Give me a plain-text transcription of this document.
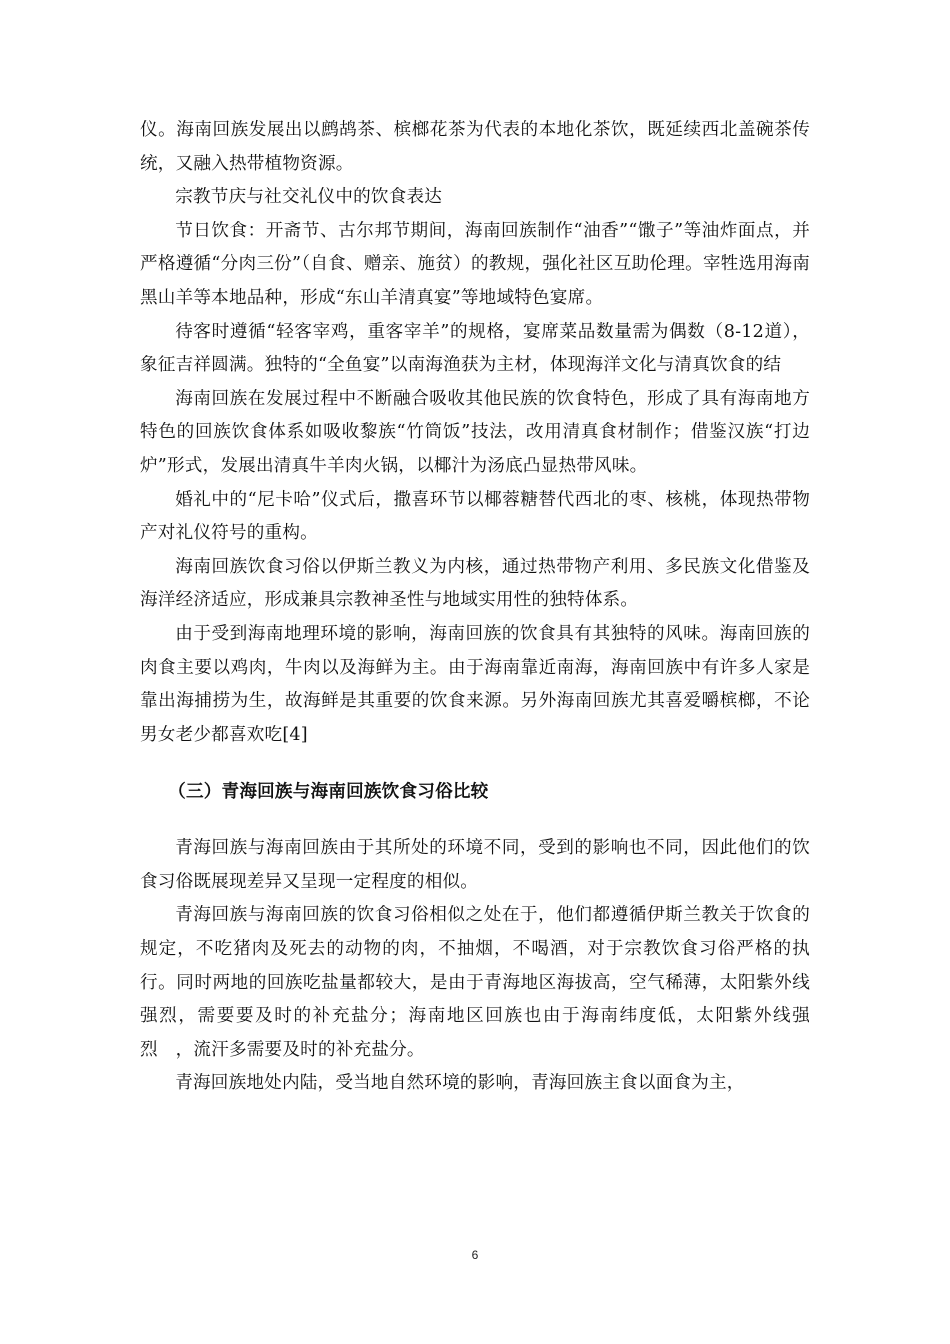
仪。海南回族发展出以鹧鸪茶、槟榔花茶为代表的本地化茶饮，既延续西北盖碗茶传统，又融入热带植物资源。

宗教节庆与社交礼仪中的饮食表达

节日饮食：开斋节、古尔邦节期间，海南回族制作“油香”“馓子”等油炸面点，并严格遵循“分肉三份”（自食、赠亲、施贫）的教规，强化社区互助伦理。宰牲选用海南黑山羊等本地品种，形成“东山羊清真宴”等地域特色宴席。

待客时遵循“轻客宰鸡，重客宰羊”的规格，宴席菜品数量需为偶数（8-12道），象征吉祥圆满。独特的“全鱼宴”以南海渔获为主材，体现海洋文化与清真饮食的结

海南回族在发展过程中不断融合吸收其他民族的饮食特色，形成了具有海南地方特色的回族饮食体系如吸收黎族“竹筒饭”技法，改用清真食材制作；借鉴汉族“打边炉”形式，发展出清真牛羊肉火锅，以椰汁为汤底凸显热带风味。

婚礼中的“尼卡哈”仪式后，撒喜环节以椰蓉糖替代西北的枣、核桃，体现热带物产对礼仪符号的重构。

海南回族饮食习俗以伊斯兰教义为内核，通过热带物产利用、多民族文化借鉴及海洋经济适应，形成兼具宗教神圣性与地域实用性的独特体系。

由于受到海南地理环境的影响，海南回族的饮食具有其独特的风味。海南回族的肉食主要以鸡肉，牛肉以及海鲜为主。由于海南靠近南海，海南回族中有许多人家是靠出海捕捞为生，故海鲜是其重要的饮食来源。另外海南回族尤其喜爱嚼槟榔，不论男女老少都喜欢吃[4]

（三）青海回族与海南回族饮食习俗比较

青海回族与海南回族由于其所处的环境不同，受到的影响也不同，因此他们的饮食习俗既展现差异又呈现一定程度的相似。

青海回族与海南回族的饮食习俗相似之处在于，他们都遵循伊斯兰教关于饮食的规定，不吃猪肉及死去的动物的肉，不抽烟，不喝酒，对于宗教饮食习俗严格的执行。同时两地的回族吃盐量都较大，是由于青海地区海拔高，空气稀薄，太阳紫外线强烈，需要要及时的补充盐分；海南地区回族也由于海南纬度低，太阳紫外线强烈　，流汗多需要及时的补充盐分。

青海回族地处内陆，受当地自然环境的影响，青海回族主食以面食为主，

6
